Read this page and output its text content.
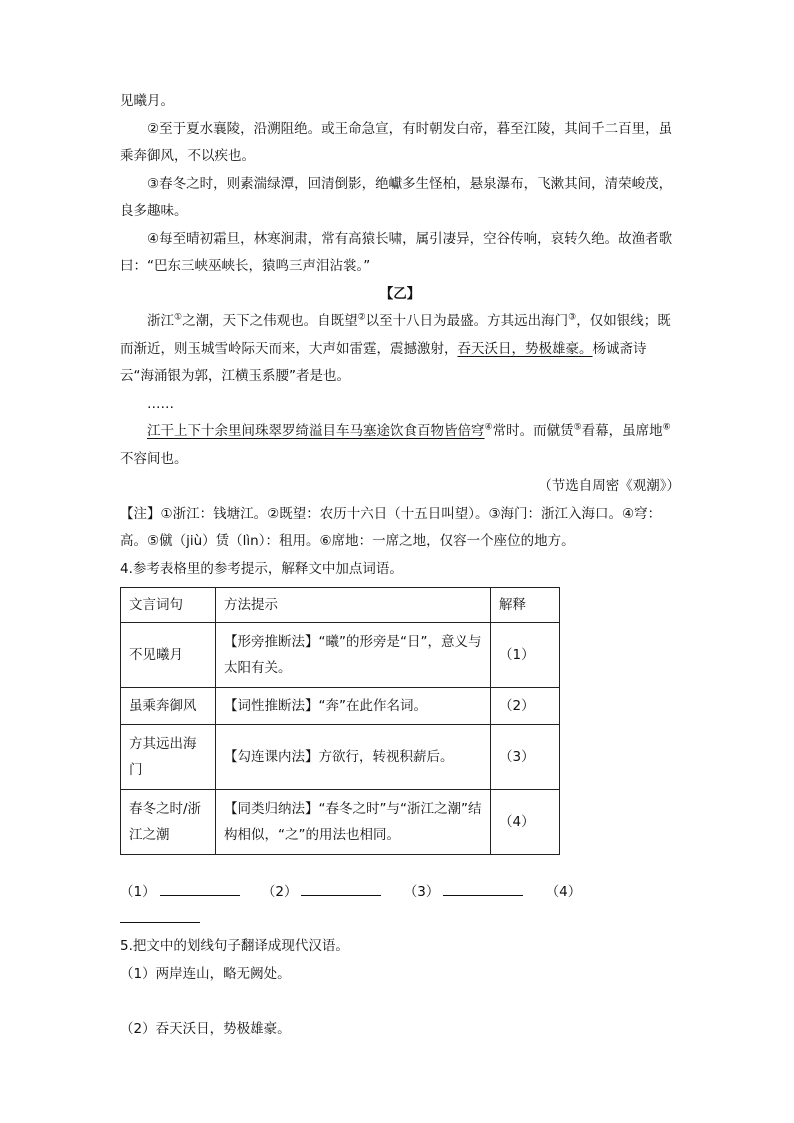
见曦月。

②至于夏水襄陵，沿溯阻绝。或王命急宣，有时朝发白帝，暮至江陵，其间千二百里，虽乘奔御风，不以疾也。

③春冬之时，则素湍绿潭，回清倒影，绝巘多生怪柏，悬泉瀑布，飞漱其间，清荣峻茂，良多趣味。

④每至晴初霜旦，林寒涧肃，常有高猿长啸，属引凄异，空谷传响，哀转久绝。故渔者歌曰：“巴东三峡巫峡长，猿鸣三声泪沾裳。”

【乙】

浙江①之潮，天下之伟观也。自既望②以至十八日为最盛。方其远出海门③，仅如银线；既而渐近，则玉城雪岭际天而来，大声如雷霆，震撼激射，吞天沃日，势极雄豪。杨诚斋诗云“海涌银为郭，江横玉系腰”者是也。

……

江干上下十余里间珠翠罗绮溢目车马塞途饮食百物皆倍穹④常时。而僦赁⑤看幕，虽席地⑥不容间也。

（节选自周密《观潮》）

【注】①浙江：钱塘江。②既望：农历十六日（十五日叫望）。③海门：浙江入海口。④穹：高。⑤僦（jiù）赁（lìn）：租用。⑥席地：一席之地，仅容一个座位的地方。

4.参考表格里的参考提示，解释文中加点词语。

文言词句	方法提示	解释
不见曦月	【形旁推断法】“曦”的形旁是“日”，意义与太阳有关。	（1）
虽乘奔御风	【词性推断法】“奔”在此作名词。	（2）
方其远出海门	【勾连课内法】方欲行，转视积薪后。	（3）
春冬之时/浙江之潮	【同类归纳法】“春冬之时”与“浙江之潮”结构相似，“之”的用法也相同。	（4）
（1）	（2）	（3）	（4）

5.把文中的划线句子翻译成现代汉语。

（1）两岸连山，略无阙处。

（2）吞天沃日，势极雄豪。
